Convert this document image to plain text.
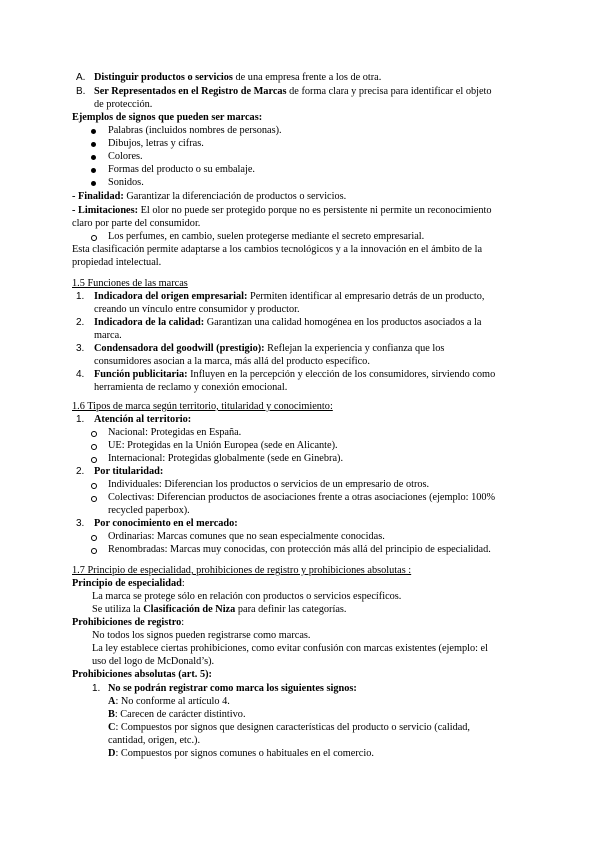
A. Distinguir productos o servicios de una empresa frente a los de otra.
B. Ser Representados en el Registro de Marcas de forma clara y precisa para identificar el objeto
de protección.
Ejemplos de signos que pueden ser marcas:
Palabras (incluidos nombres de personas).
Dibujos, letras y cifras.
Colores.
Formas del producto o su embalaje.
Sonidos.
- Finalidad: Garantizar la diferenciación de productos o servicios.
- Limitaciones: El olor no puede ser protegido porque no es persistente ni permite un reconocimiento
claro por parte del consumidor.
Los perfumes, en cambio, suelen protegerse mediante el secreto empresarial.
Esta clasificación permite adaptarse a los cambios tecnológicos y a la innovación en el ámbito de la
propiedad intelectual.
1.5 Funciones de las marcas
1. Indicadora del origen empresarial: Permiten identificar al empresario detrás de un producto,
creando un vínculo entre consumidor y productor.
2. Indicadora de la calidad: Garantizan una calidad homogénea en los productos asociados a la
marca.
3. Condensadora del goodwill (prestigio): Reflejan la experiencia y confianza que los
consumidores asocian a la marca, más allá del producto específico.
4. Función publicitaria: Influyen en la percepción y elección de los consumidores, sirviendo como
herramienta de reclamo y conexión emocional.
1.6 Tipos de marca según territorio, titularidad y conocimiento:
1. Atención al territorio:
Nacional: Protegidas en España.
UE: Protegidas en la Unión Europea (sede en Alicante).
Internacional: Protegidas globalmente (sede en Ginebra).
2. Por titularidad:
Individuales: Diferencian los productos o servicios de un empresario de otros.
Colectivas: Diferencian productos de asociaciones frente a otras asociaciones (ejemplo: 100%
recycled paperbox).
3. Por conocimiento en el mercado:
Ordinarias: Marcas comunes que no sean especialmente conocidas.
Renombradas: Marcas muy conocidas, con protección más allá del principio de especialidad.
1.7 Principio de especialidad, prohibiciones de registro y prohibiciones absolutas :
Principio de especialidad:
La marca se protege sólo en relación con productos o servicios específicos.
Se utiliza la Clasificación de Niza para definir las categorías.
Prohibiciones de registro:
No todos los signos pueden registrarse como marcas.
La ley establece ciertas prohibiciones, como evitar confusión con marcas existentes (ejemplo: el
uso del logo de McDonald’s).
Prohibiciones absolutas (art. 5):
1. No se podrán registrar como marca los siguientes signos:
A: No conforme al artículo 4.
B: Carecen de carácter distintivo.
C: Compuestos por signos que designen características del producto o servicio (calidad,
cantidad, origen, etc.).
D: Compuestos por signos comunes o habituales en el comercio.
